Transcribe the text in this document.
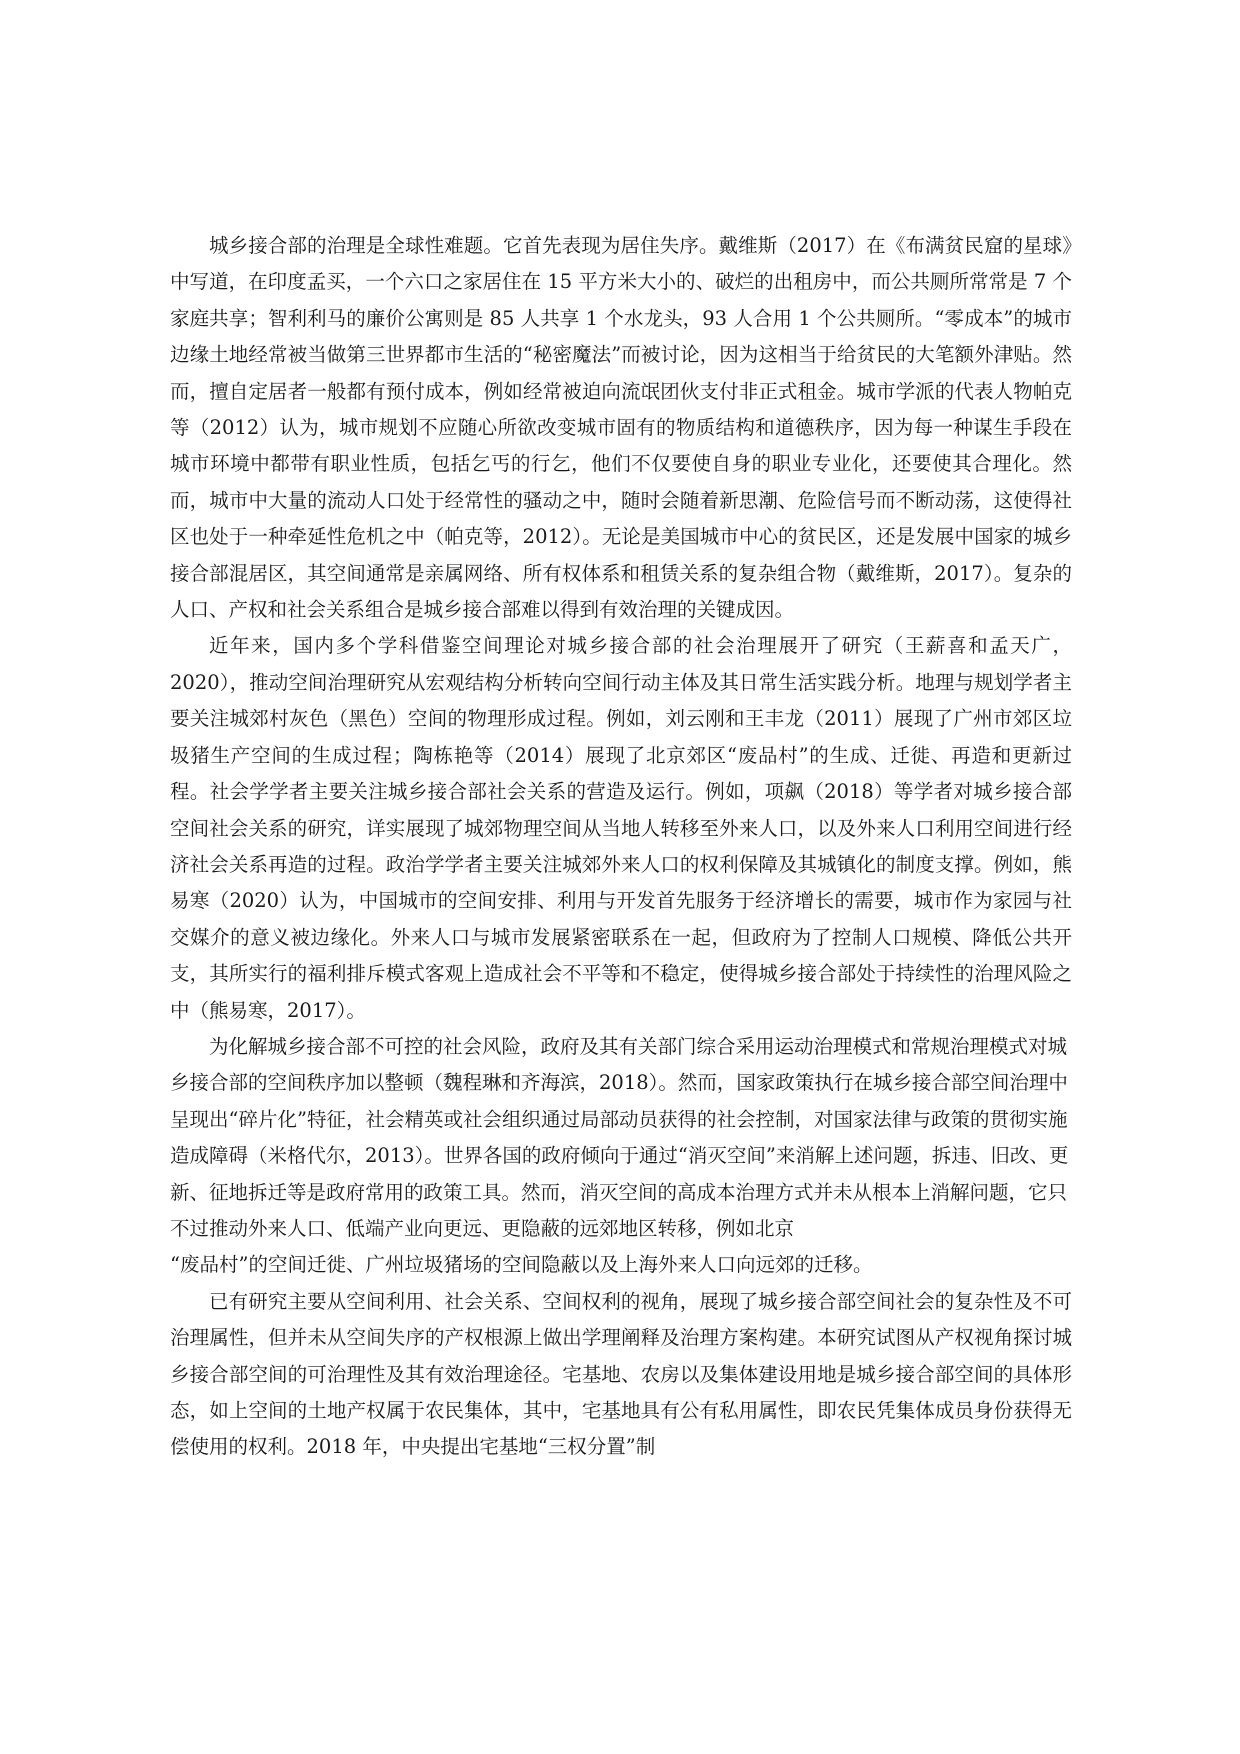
城乡接合部的治理是全球性难题。它首先表现为居住失序。戴维斯（2017）在《布满贫民窟的星球》中写道，在印度孟买，一个六口之家居住在 15 平方米大小的、破烂的出租房中，而公共厕所常常是 7 个家庭共享；智利利马的廉价公寓则是 85 人共享 1 个水龙头，93 人合用 1 个公共厕所。“零成本”的城市边缘土地经常被当做第三世界都市生活的“秘密魔法”而被讨论，因为这相当于给贫民的大笔额外津贴。然而，擅自定居者一般都有预付成本，例如经常被迫向流氓团伙支付非正式租金。城市学派的代表人物帕克等（2012）认为，城市规划不应随心所欲改变城市固有的物质结构和道德秩序，因为每一种谋生手段在城市环境中都带有职业性质，包括乞丐的行乞，他们不仅要使自身的职业专业化，还要使其合理化。然而，城市中大量的流动人口处于经常性的骚动之中，随时会随着新思潮、危险信号而不断动荡，这使得社区也处于一种牵延性危机之中（帕克等，2012）。无论是美国城市中心的贫民区，还是发展中国家的城乡接合部混居区，其空间通常是亲属网络、所有权体系和租赁关系的复杂组合物（戴维斯，2017）。复杂的人口、产权和社会关系组合是城乡接合部难以得到有效治理的关键成因。

近年来，国内多个学科借鉴空间理论对城乡接合部的社会治理展开了研究（王薪喜和孟天广，2020），推动空间治理研究从宏观结构分析转向空间行动主体及其日常生活实践分析。地理与规划学者主要关注城郊村灰色（黑色）空间的物理形成过程。例如，刘云刚和王丰龙（2011）展现了广州市郊区垃圾猪生产空间的生成过程；陶栋艳等（2014）展现了北京郊区“废品村”的生成、迁徙、再造和更新过程。社会学学者主要关注城乡接合部社会关系的营造及运行。例如，项飙（2018）等学者对城乡接合部空间社会关系的研究，详实展现了城郊物理空间从当地人转移至外来人口，以及外来人口利用空间进行经济社会关系再造的过程。政治学学者主要关注城郊外来人口的权利保障及其城镇化的制度支撑。例如，熊易寒（2020）认为，中国城市的空间安排、利用与开发首先服务于经济增长的需要，城市作为家园与社交媒介的意义被边缘化。外来人口与城市发展紧密联系在一起，但政府为了控制人口规模、降低公共开支，其所实行的福利排斥模式客观上造成社会不平等和不稳定，使得城乡接合部处于持续性的治理风险之中（熊易寒，2017）。

为化解城乡接合部不可控的社会风险，政府及其有关部门综合采用运动治理模式和常规治理模式对城乡接合部的空间秩序加以整顿（魏程琳和齐海滨，2018）。然而，国家政策执行在城乡接合部空间治理中呈现出“碎片化”特征，社会精英或社会组织通过局部动员获得的社会控制，对国家法律与政策的贯彻实施造成障碍（米格代尔，2013）。世界各国的政府倾向于通过“消灭空间”来消解上述问题，拆违、旧改、更新、征地拆迁等是政府常用的政策工具。然而，消灭空间的高成本治理方式并未从根本上消解问题，它只不过推动外来人口、低端产业向更远、更隐蔽的远郊地区转移，例如北京

“废品村”的空间迁徙、广州垃圾猪场的空间隐蔽以及上海外来人口向远郊的迁移。

已有研究主要从空间利用、社会关系、空间权利的视角，展现了城乡接合部空间社会的复杂性及不可治理属性，但并未从空间失序的产权根源上做出学理阐释及治理方案构建。本研究试图从产权视角探讨城乡接合部空间的可治理性及其有效治理途径。宅基地、农房以及集体建设用地是城乡接合部空间的具体形态，如上空间的土地产权属于农民集体，其中，宅基地具有公有私用属性，即农民凭集体成员身份获得无偿使用的权利。2018 年，中央提出宅基地“三权分置”制
